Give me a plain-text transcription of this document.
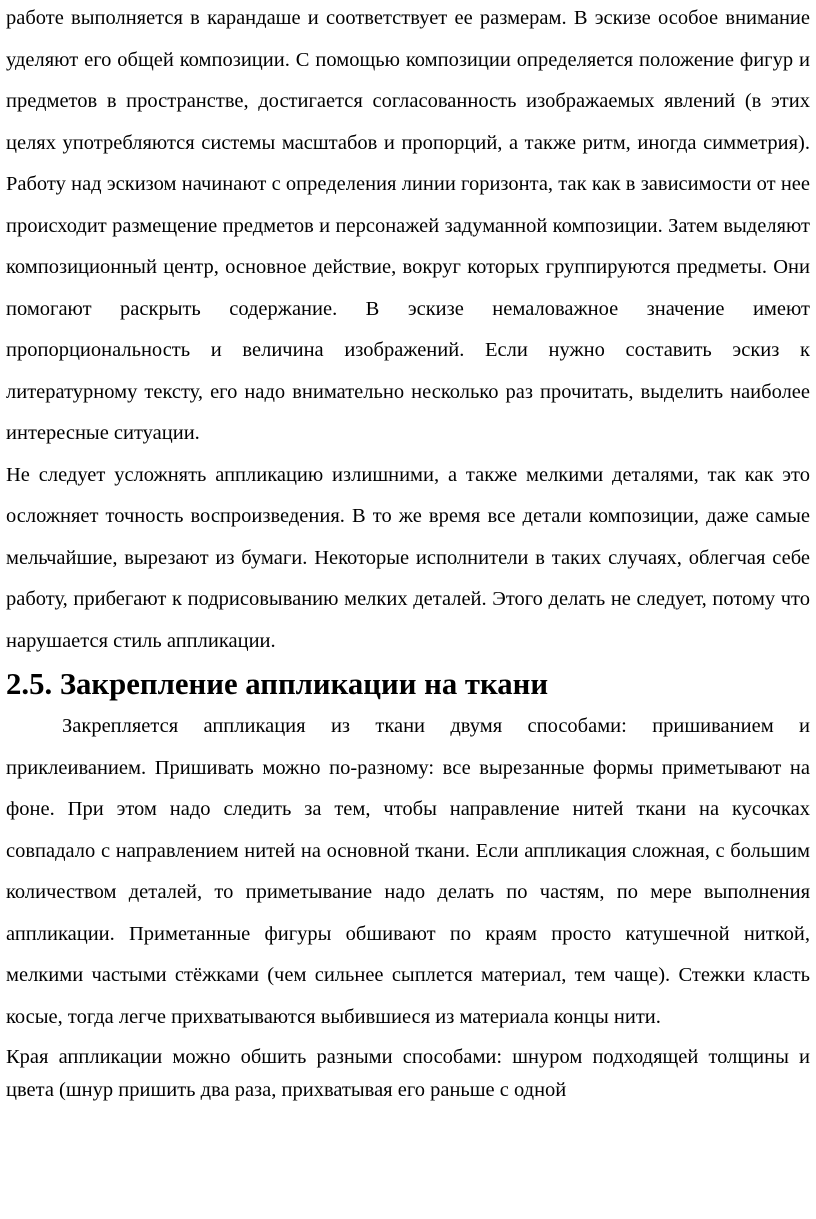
работе выполняется в карандаше и соответствует ее размерам. В эскизе особое внимание уделяют его общей композиции. С помощью композиции определяется положение фигур и предметов в пространстве, достигается согласованность изображаемых явлений (в этих целях употребляются системы масштабов и пропорций, а также ритм, иногда симметрия). Работу над эскизом начинают с определения линии горизонта, так как в зависимости от нее происходит размещение предметов и персонажей задуманной композиции. Затем выделяют композиционный центр, основное действие, вокруг которых группируются предметы. Они помогают раскрыть содержание. В эскизе немаловажное значение имеют пропорциональность и величина изображений. Если нужно составить эскиз к литературному тексту, его надо внимательно несколько раз прочитать, выделить наиболее интересные ситуации.

Не следует усложнять аппликацию излишними, а также мелкими деталями, так как это осложняет точность воспроизведения. В то же время все детали композиции, даже самые мельчайшие, вырезают из бумаги. Некоторые исполнители в таких случаях, облегчая себе работу, прибегают к подрисовыванию мелких деталей. Этого делать не следует, потому что нарушается стиль аппликации.

2.5. Закрепление аппликации на ткани

Закрепляется аппликация из ткани двумя способами: пришиванием и приклеиванием. Пришивать можно по-разному: все вырезанные формы приметывают на фоне. При этом надо следить за тем, чтобы направление нитей ткани на кусочках совпадало с направлением нитей на основной ткани. Если аппликация сложная, с большим количеством деталей, то приметывание надо делать по частям, по мере выполнения аппликации. Приметанные фигуры обшивают по краям просто катушечной ниткой, мелкими частыми стёжками (чем сильнее сыплется материал, тем чаще). Стежки класть косые, тогда легче прихватываются выбившиеся из материала концы нити.

Края аппликации можно обшить разными способами: шнуром подходящей толщины и цвета (шнур пришить два раза, прихватывая его раньше с одной
